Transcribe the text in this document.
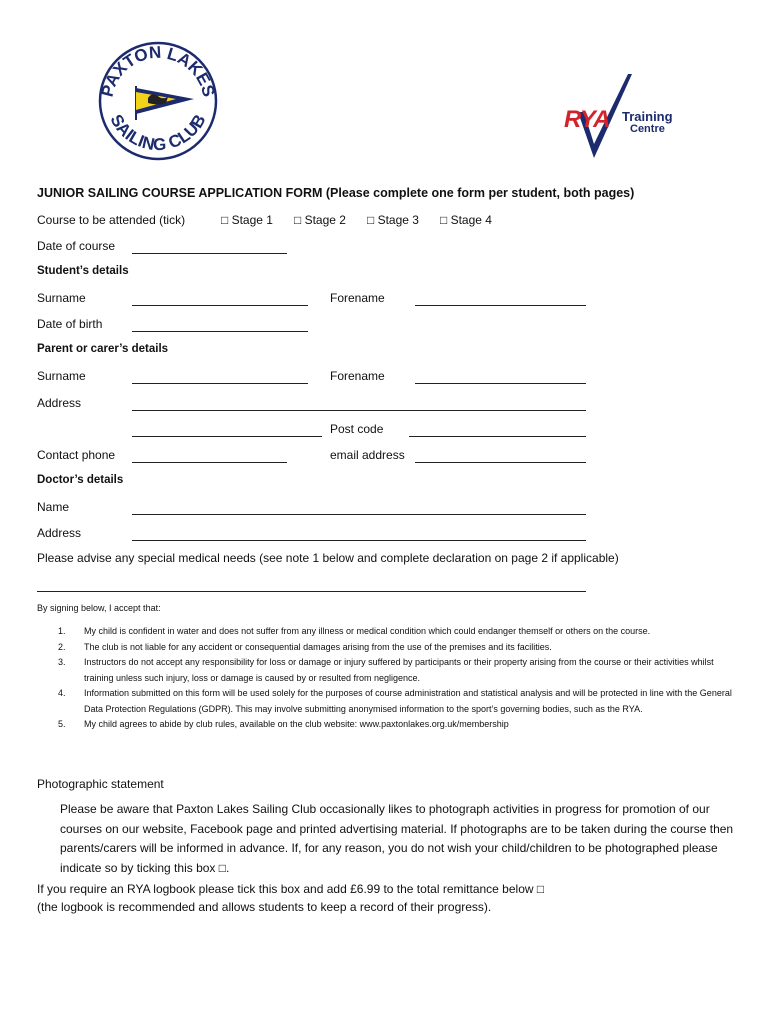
PAXTON LAKES
SAILING CLUB	RYA Training
Centre
JUNIOR SAILING COURSE APPLICATION FORM (Please complete one form per student, both pages)
Course to be attended (tick)	□ Stage 1 □ Stage 2 □ Stage 3 □ Stage 4
Date of course
Student’s details
Surname	Forename
Date of birth
Parent or carer’s details
Surname	Forename
Address
Post code
Contact phone	email address
Doctor’s details
Name
Address
Please advise any special medical needs (see note 1 below and complete declaration on page 2 if applicable)
By signing below, I accept that:
1.	My child is confident in water and does not suffer from any illness or medical condition which could endanger themself or others on the course.
2.	The club is not liable for any accident or consequential damages arising from the use of the premises and its facilities.
3.	Instructors do not accept any responsibility for loss or damage or injury suffered by participants or their property arising from the course or their activities whilst training unless such injury, loss or damage is caused by or resulted from negligence.
4.	Information submitted on this form will be used solely for the purposes of course administration and statistical analysis and will be protected in line with the General Data Protection Regulations (GDPR). This may involve submitting anonymised information to the sport’s governing bodies, such as the RYA.
5.	My child agrees to abide by club rules, available on the club website: www.paxtonlakes.org.uk/membership
Photographic statement
Please be aware that Paxton Lakes Sailing Club occasionally likes to photograph activities in progress for promotion of our courses on our website, Facebook page and printed advertising material. If photographs are to be taken during the course then parents/carers will be informed in advance. If, for any reason, you do not wish your child/children to be photographed please indicate so by ticking this box □.
If you require an RYA logbook please tick this box and add £6.99 to the total remittance below □
(the logbook is recommended and allows students to keep a record of their progress).
